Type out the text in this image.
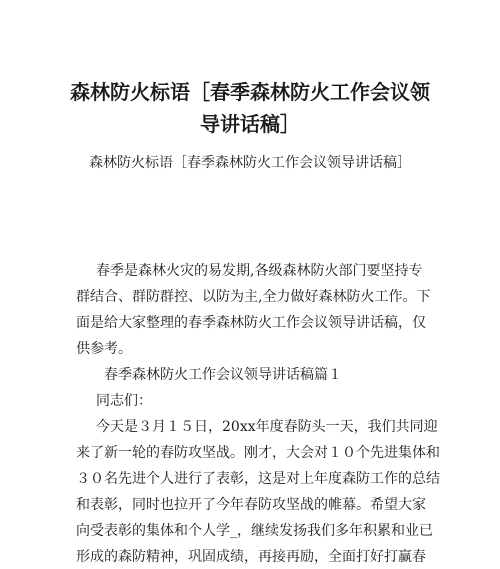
森林防火标语［春季森林防火工作会议领
导讲话稿］
森林防火标语［春季森林防火工作会议领导讲话稿］
春季是森林火灾的易发期,各级森林防火部门要坚持专
群结合、群防群控、以防为主,全力做好森林防火工作。下
面是给大家整理的春季森林防火工作会议领导讲话稿，仅
供参考。
春季森林防火工作会议领导讲话稿篇１
同志们：
今天是３月１５日，20xx年度春防头一天，我们共同迎
来了新一轮的春防攻坚战。刚才，大会对１０个先进集体和
３０名先进个人进行了表彰，这是对上年度森防工作的总结
和表彰，同时也拉开了今年春防攻坚战的帷幕。希望大家
向受表彰的集体和个人学_，继续发扬我们多年积累和业已
形成的森防精神，巩固成绩，再接再励，全面打好打赢春
